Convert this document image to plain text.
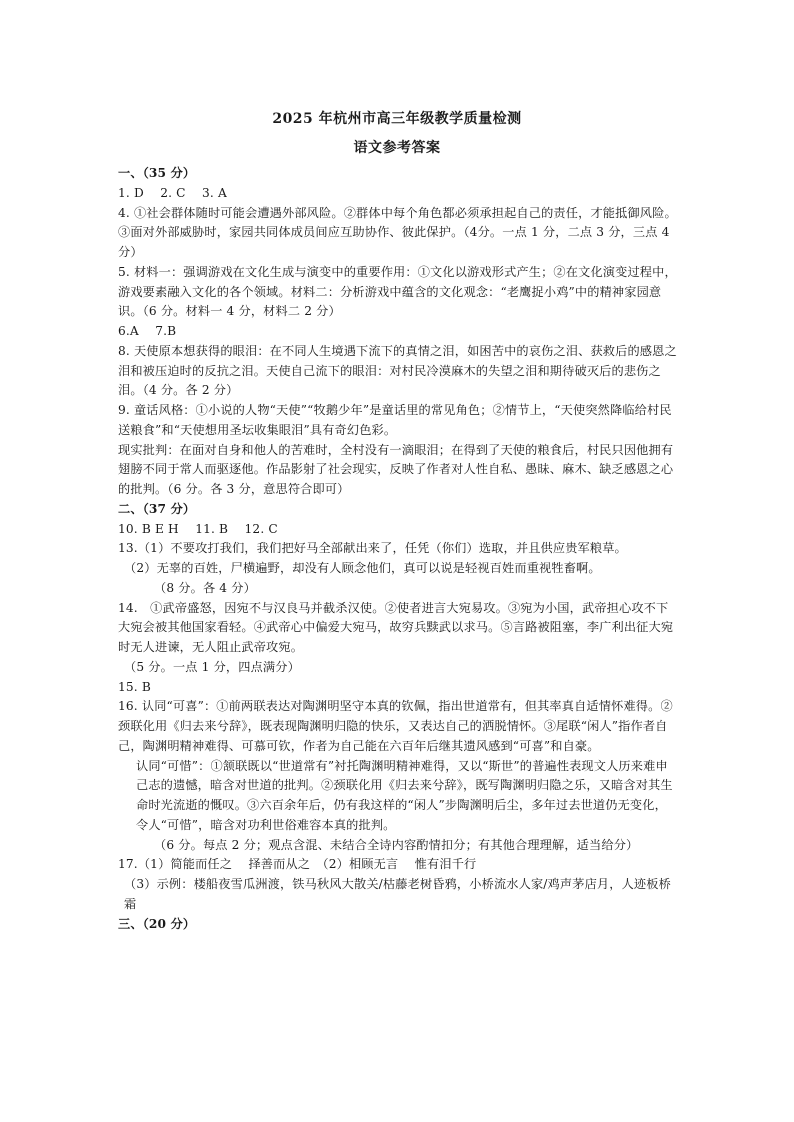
2025 年杭州市高三年级教学质量检测
语文参考答案

一、（35 分）

1. D　 2. C　 3. A

4. ①社会群体随时可能会遭遇外部风险。②群体中每个角色都必须承担起自己的责任，才能抵御风险。③面对外部威胁时，家园共同体成员间应互助协作、彼此保护。（4分。一点 1 分，二点 3 分，三点 4 分）

5. 材料一：强调游戏在文化生成与演变中的重要作用：①文化以游戏形式产生；②在文化演变过程中，游戏要素融入文化的各个领域。材料二：分析游戏中蕴含的文化观念：“老鹰捉小鸡”中的精神家园意识。（6 分。材料一 4 分，材料二 2 分）

6.A　 7.B

8. 天使原本想获得的眼泪：在不同人生境遇下流下的真情之泪，如困苦中的哀伤之泪、获救后的感恩之泪和被压迫时的反抗之泪。天使自己流下的眼泪：对村民冷漠麻木的失望之泪和期待破灭后的悲伤之泪。（4 分。各 2 分）

9. 童话风格：①小说的人物“天使”“牧鹅少年”是童话里的常见角色；②情节上，“天使突然降临给村民送粮食”和“天使想用圣坛收集眼泪”具有奇幻色彩。

现实批判：在面对自身和他人的苦难时，全村没有一滴眼泪；在得到了天使的粮食后，村民只因他拥有翅膀不同于常人而驱逐他。作品影射了社会现实，反映了作者对人性自私、愚昧、麻木、缺乏感恩之心的批判。（6 分。各 3 分，意思符合即可）

二、（37 分）

10. B E H　 11. B　 12. C

13.（1）不要攻打我们，我们把好马全部献出来了，任凭（你们）选取，并且供应贵军粮草。

（2）无辜的百姓，尸横遍野，却没有人顾念他们，真可以说是轻视百姓而重视牲畜啊。

（8 分。各 4 分）

14.　①武帝盛怒，因宛不与汉良马并截杀汉使。②使者进言大宛易攻。③宛为小国，武帝担心攻不下大宛会被其他国家看轻。④武帝心中偏爱大宛马，故穷兵黩武以求马。⑤言路被阻塞，李广利出征大宛时无人进谏，无人阻止武帝攻宛。

（5 分。一点 1 分，四点满分）

15. B

16. 认同“可喜”：①前两联表达对陶渊明坚守本真的钦佩，指出世道常有，但其率真自适情怀难得。②颈联化用《归去来兮辞》，既表现陶渊明归隐的快乐，又表达自己的洒脱情怀。③尾联“闲人”指作者自己，陶渊明精神难得、可慕可钦，作者为自己能在六百年后继其遗风感到“可喜”和自豪。

认同“可惜”：①颔联既以“世道常有”衬托陶渊明精神难得，又以“斯世”的普遍性表现文人历来难申己志的遗憾，暗含对世道的批判。②颈联化用《归去来兮辞》，既写陶渊明归隐之乐，又暗含对其生命时光流逝的慨叹。③六百余年后，仍有我这样的“闲人”步陶渊明后尘，多年过去世道仍无变化，令人“可惜”，暗含对功利世俗难容本真的批判。

（6 分。每点 2 分；观点含混、未结合全诗内容酌情扣分；有其他合理理解，适当给分）

17.（1）简能而任之　 择善而从之　（2）相顾无言　 惟有泪千行

（3）示例：楼船夜雪瓜洲渡，铁马秋风大散关/枯藤老树昏鸦，小桥流水人家/鸡声茅店月，人迹板桥霜

三、（20 分）
